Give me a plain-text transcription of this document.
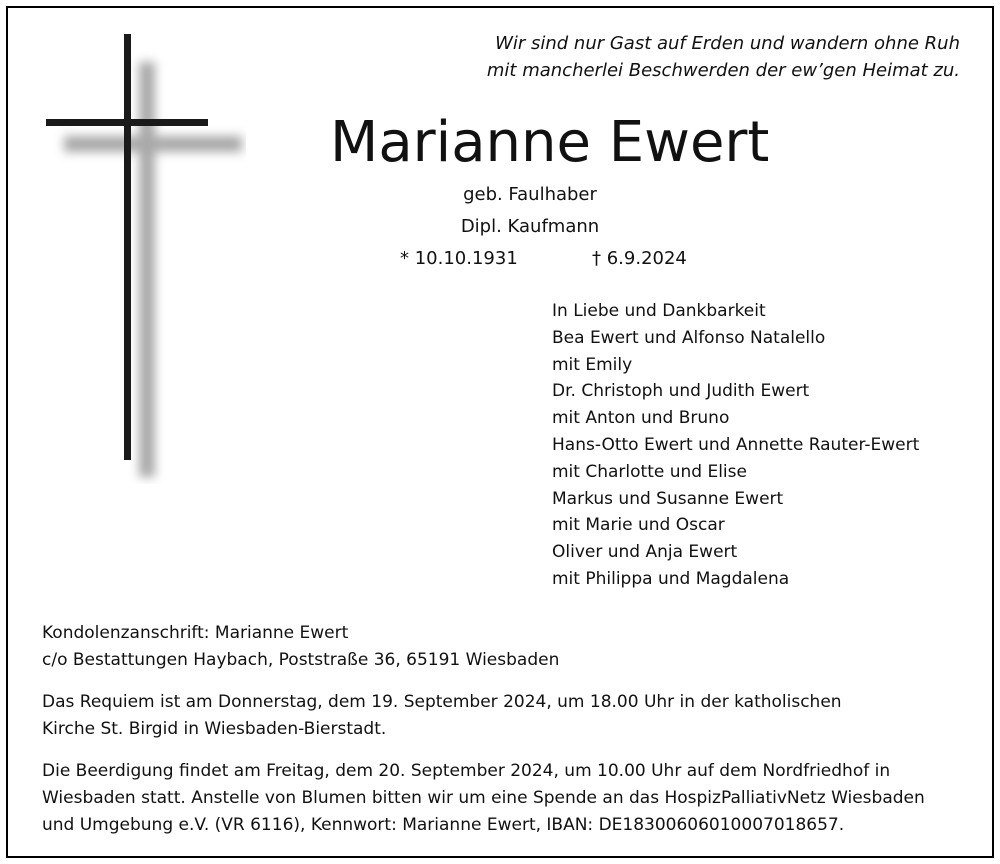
Wir sind nur Gast auf Erden und wandern ohne Ruh
mit mancherlei Beschwerden der ew’gen Heimat zu.
Marianne Ewert
geb. Faulhaber
Dipl. Kaufmann
* 10.10.1931	† 6.9.2024
In Liebe und Dankbarkeit
Bea Ewert und Alfonso Natalello
mit Emily
Dr. Christoph und Judith Ewert
mit Anton und Bruno
Hans-Otto Ewert und Annette Rauter-Ewert
mit Charlotte und Elise
Markus und Susanne Ewert
mit Marie und Oscar
Oliver und Anja Ewert
mit Philippa und Magdalena

Kondolenzanschrift: Marianne Ewert

c/o Bestattungen Haybach, Poststraße 36, 65191 Wiesbaden

Das Requiem ist am Donnerstag, dem 19. September 2024, um 18.00 Uhr in der katholischen

Kirche St. Birgid in Wiesbaden-Bierstadt.

Die Beerdigung findet am Freitag, dem 20. September 2024, um 10.00 Uhr auf dem Nordfriedhof in

Wiesbaden statt. Anstelle von Blumen bitten wir um eine Spende an das HospizPalliativNetz Wiesbaden

und Umgebung e.V. (VR 6116), Kennwort: Marianne Ewert, IBAN: DE18300606010007018657.
